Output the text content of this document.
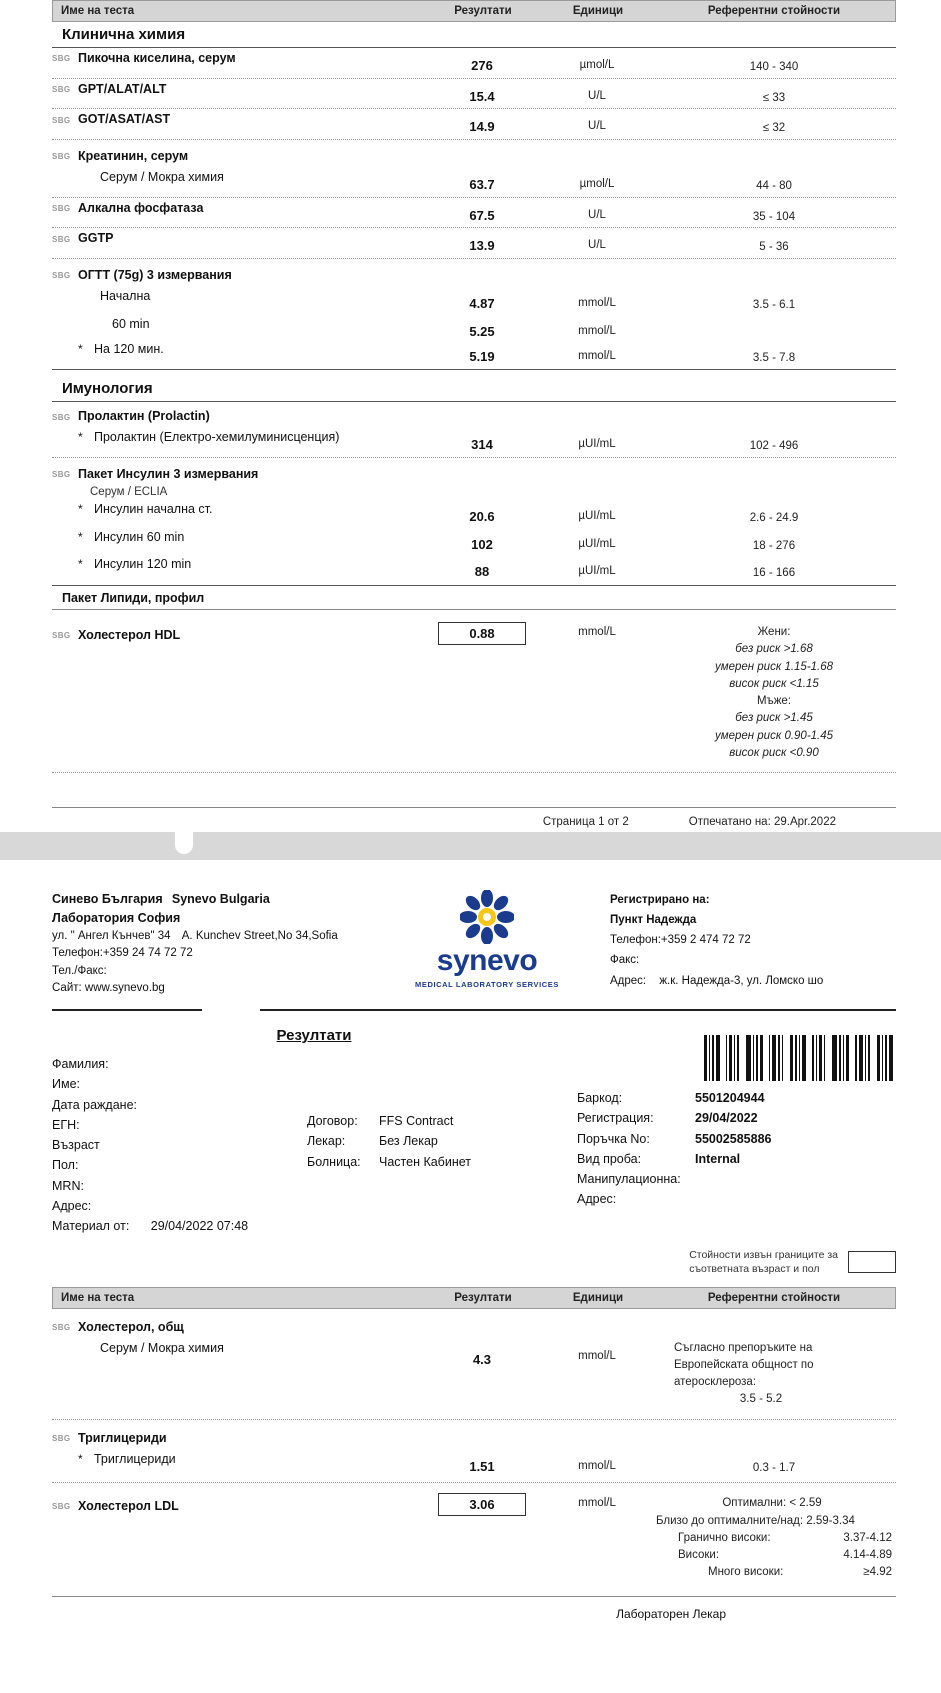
Име на теста	Резултати	Единици	Референтни стойности
Клинична химия
SBG Пикочна киселина, серум	276	µmol/L	140 - 340
SBG GPT/ALAT/ALT	15.4	U/L	≤ 33
SBG GOT/ASAT/AST	14.9	U/L	≤ 32
SBG Креатинин, серум
Серум / Мокра химия	63.7	µmol/L	44 - 80
SBG Алкална фосфатаза	67.5	U/L	35 - 104
SBG GGTP	13.9	U/L	5 - 36
SBG ОГТТ (75g) 3 измервания
Начална	4.87	mmol/L	3.5 - 6.1
60 min	5.25	mmol/L
* На 120 мин.	5.19	mmol/L	3.5 - 7.8
Имунология
SBG Пролактин (Prolactin)
* Пролактин (Електро-хемилуминисценция)	314	µUI/mL	102 - 496
SBG Пакет Инсулин 3 измервания
Серум / ECLIA
* Инсулин начална ст.	20.6	µUI/mL	2.6 - 24.9
* Инсулин 60 min	102	µUI/mL	18 - 276
* Инсулин 120 min	88	µUI/mL	16 - 166
Пакет Липиди, профил
SBG Холестерол HDL	0.88	mmol/L	Жени:
без риск >1.68
умерен риск 1.15-1.68
висок риск <1.15
Мъже:
без риск >1.45
умерен риск 0.90-1.45
висок риск <0.90
Страница 1 от 2	Отпечатано на: 29.Apr.2022
Синево България Synevo Bulgaria
Лаборатория София
ул. " Ангел Кънчев" 34 A. Kunchev Street,No 34,Sofia
Телефон:+359 24 74 72 72
Тел./Факс:
Сайт: www.synevo.bg
synevo
MEDICAL LABORATORY SERVICES
Регистрирано на:
Пункт Надежда
Телефон:+359 2 474 72 72
Факс:
Адрес: ж.к. Надежда-3, ул. Ломско шо
Резултати

Фамилия:
Име:
Дата раждане:
ЕГН:
Възраст
Пол:
MRN:
Адрес:
Материал от: 29/04/2022 07:48
Договор: FFS Contract
Лекар:	Без Лекар
Болница: Частен Кабинет
Баркод:	5501204944
Регистрация:	29/04/2022
Поръчка No:	55002585886
Вид проба:	Internal
Манипулационна:
Адрес:
Стойности извън границите за
съответната възраст и пол
Име на теста	Резултати	Единици	Референтни стойности
SBG Холестерол, общ
Серум / Мокра химия
4.3	mmol/L
Съгласно препоръките на
Европейската общност по
атеросклероза:
3.5 - 5.2
SBG Триглицериди
* Триглицериди	1.51	mmol/L	0.3 - 1.7
SBG Холестерол LDL	3.06	mmol/L	Оптимални: < 2.59
Близо до оптималните/над: 2.59-3.34
Гранично високи:	3.37-4.12
Високи:	4.14-4.89
Много високи:	≥4.92
Лабораторен Лекар
